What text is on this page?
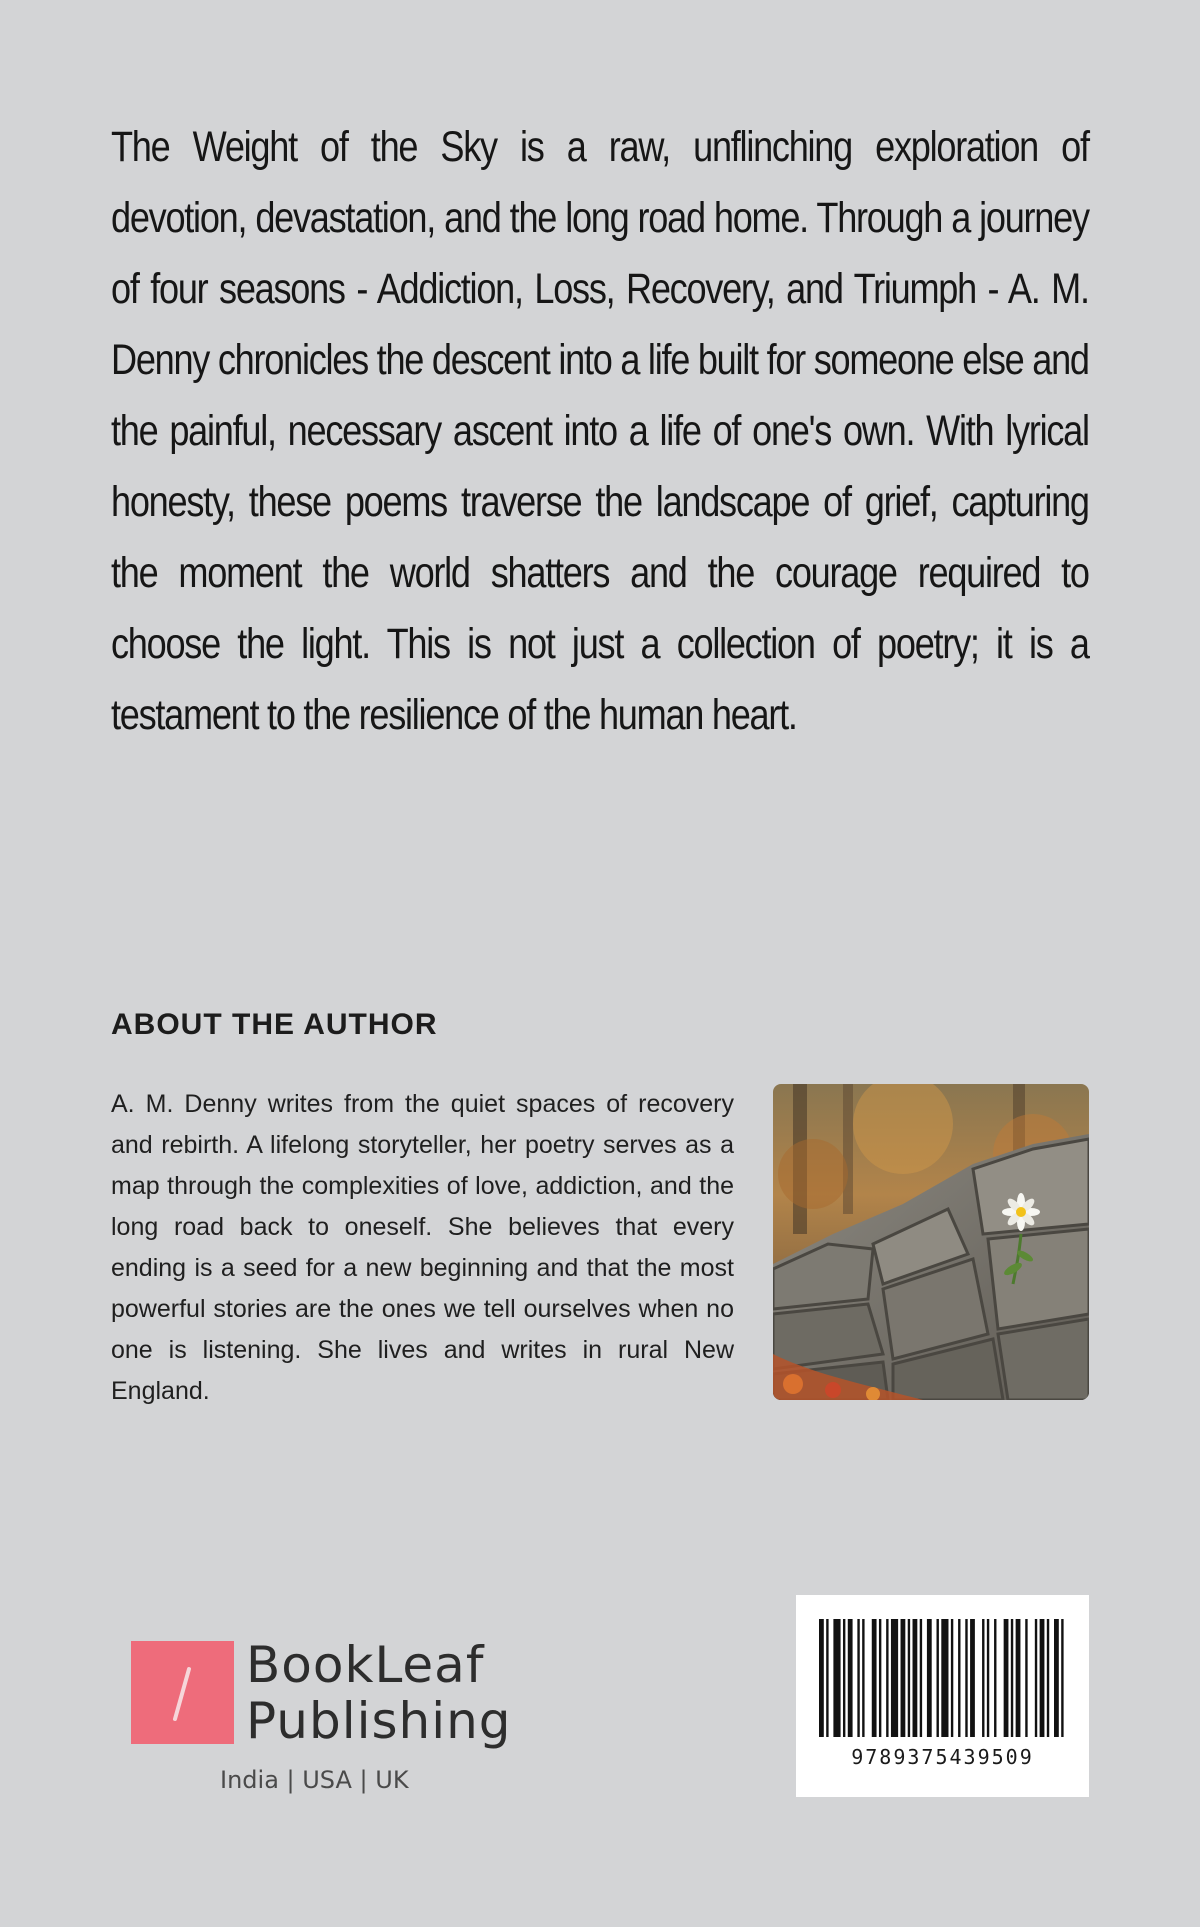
The Weight of the Sky is a raw, unflinching exploration of devotion, devastation, and the long road home. Through a journey of four seasons - Addiction, Loss, Recovery, and Triumph - A. M. Denny chronicles the descent into a life built for someone else and the painful, necessary ascent into a life of one's own. With lyrical honesty, these poems traverse the landscape of grief, capturing the moment the world shatters and the courage required to choose the light. This is not just a collection of poetry; it is a testament to the resilience of the human heart.

ABOUT THE AUTHOR

A. M. Denny writes from the quiet spaces of recovery and rebirth. A lifelong storyteller, her poetry serves as a map through the complexities of love, addiction, and the long road back to oneself. She believes that every ending is a seed for a new beginning and that the most powerful stories are the ones we tell ourselves when no one is listening. She lives and writes in rural New England.

BookLeaf
Publishing
India | USA | UK
9789375439509
